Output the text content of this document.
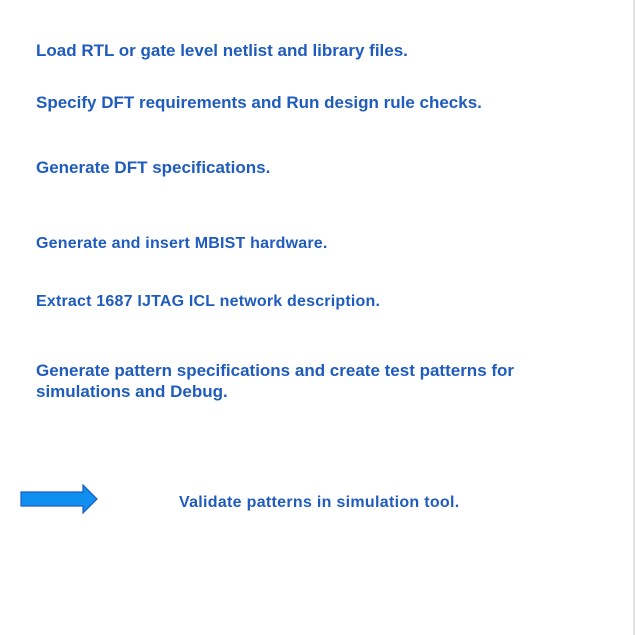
Load RTL or gate level netlist and library files.

Specify DFT requirements and Run design rule checks.

Generate DFT specifications.

Generate and insert MBIST hardware.

Extract 1687 IJTAG ICL network description.

Generate pattern specifications and create test patterns for simulations and Debug.

Validate patterns in simulation tool.
